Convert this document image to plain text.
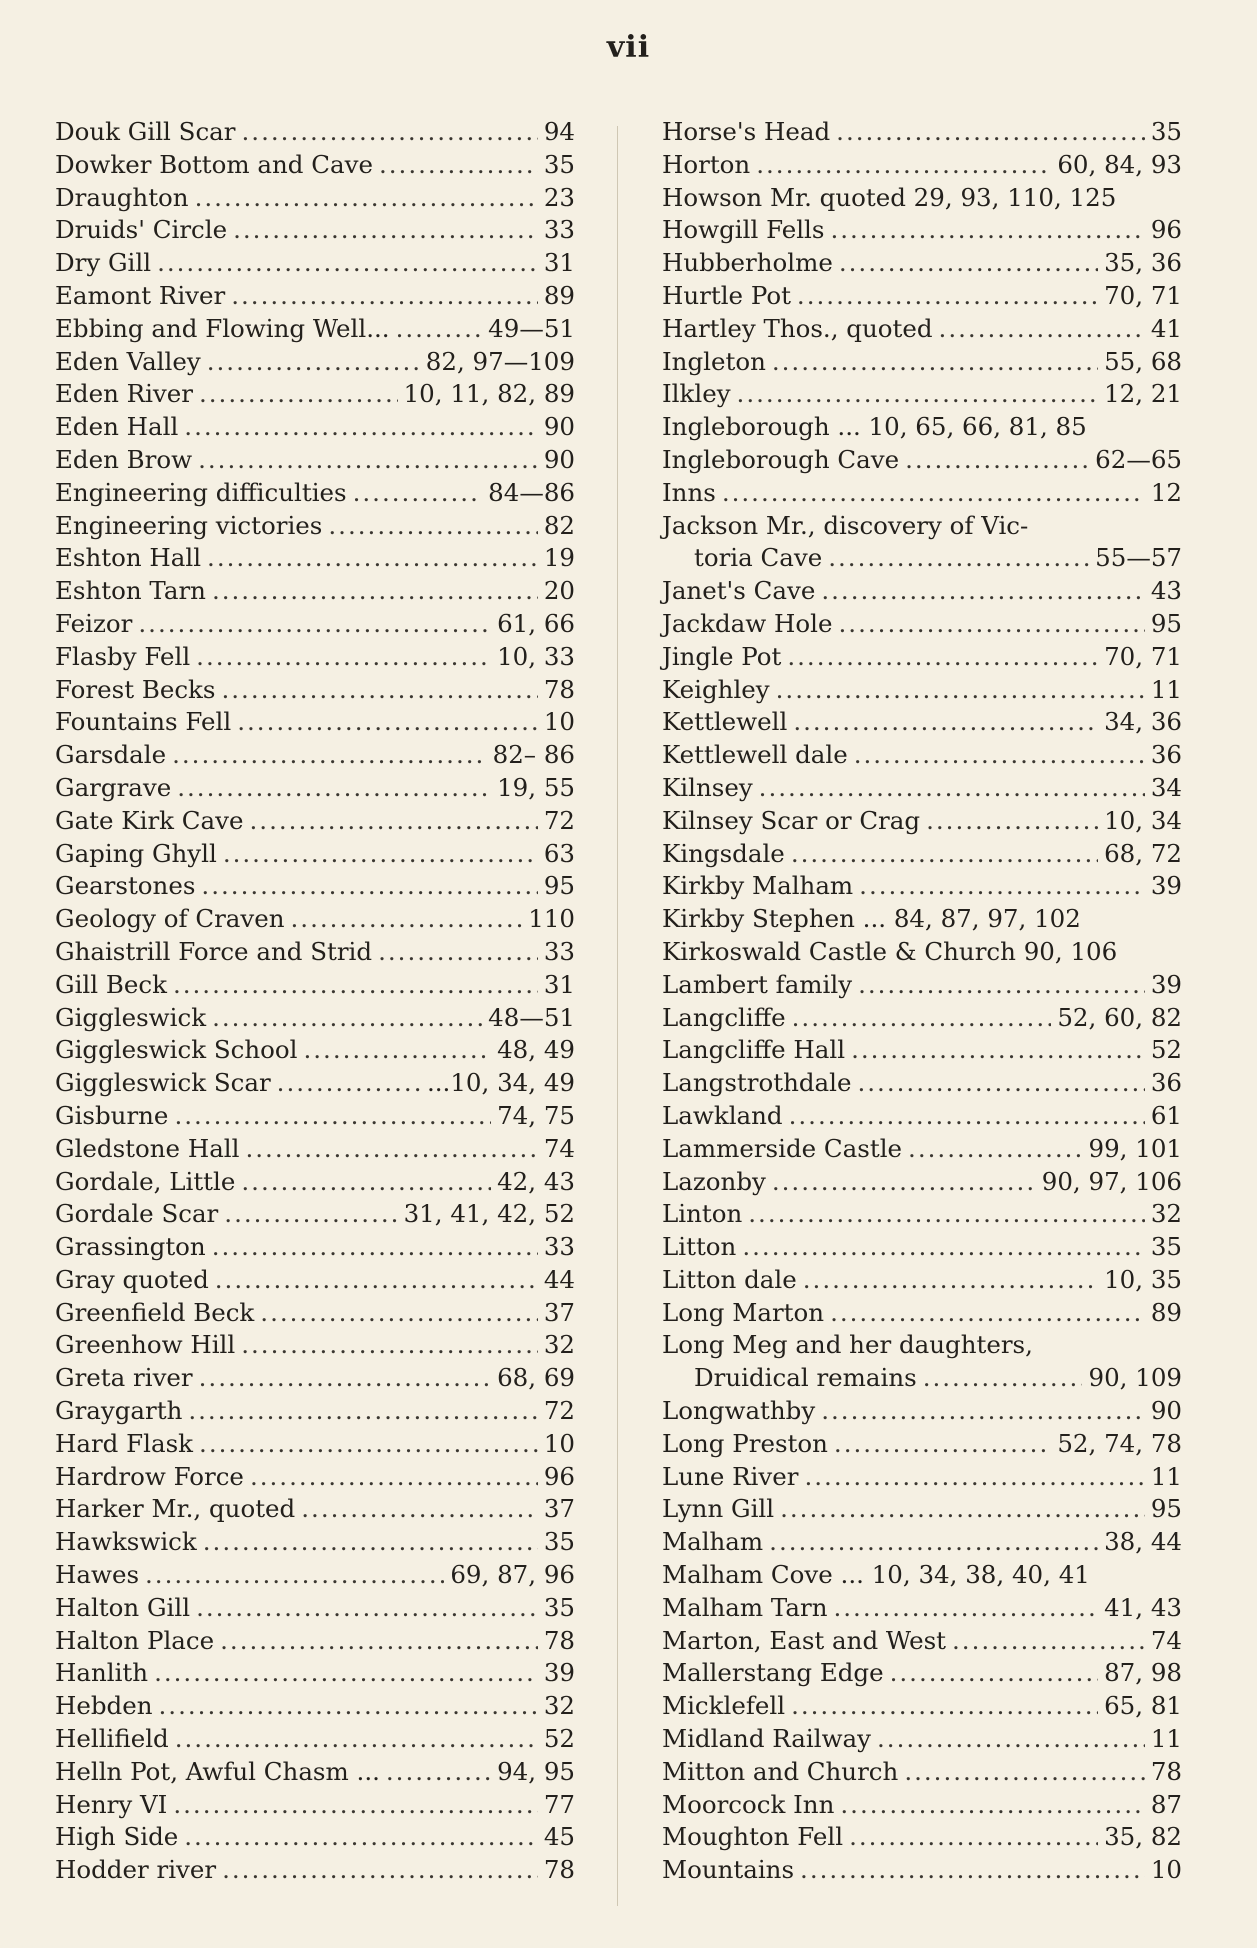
vii
Douk Gill Scar .....	94
Dowker Bottom and Cave .....	35
Draughton .....	23
Druids' Circle .....	33
Dry Gill .....	31
Eamont River .....	89
Ebbing and Flowing Well... .....	49—51
Eden Valley .....	82, 97—109
Eden River .....	10, 11, 82, 89
Eden Hall .....	90
Eden Brow .....	90
Engineering difficulties .....	84—86
Engineering victories .....	82
Eshton Hall .....	19
Eshton Tarn .....	20
Feizor .....	61, 66
Flasby Fell .....	10, 33
Forest Becks .....	78
Fountains Fell .....	10
Garsdale .....	82– 86
Gargrave .....	19, 55
Gate Kirk Cave .....	72
Gaping Ghyll .....	63
Gearstones .....	95
Geology of Craven .....	110
Ghaistrill Force and Strid .....	33
Gill Beck .....	31
Giggleswick .....	48—51
Giggleswick School .....	48, 49
Giggleswick Scar .....	...10, 34, 49
Gisburne .....	74, 75
Gledstone Hall .....	74
Gordale, Little .....	42, 43
Gordale Scar .....	31, 41, 42, 52
Grassington .....	33
Gray quoted .....	44
Greenfield Beck .....	37
Greenhow Hill .....	32
Greta river .....	68, 69
Graygarth .....	72
Hard Flask .....	10
Hardrow Force .....	96
Harker Mr., quoted .....	37
Hawkswick .....	35
Hawes .....	69, 87, 96
Halton Gill .....	35
Halton Place .....	78
Hanlith .....	39
Hebden .....	32
Hellifield .....	52
Helln Pot, Awful Chasm ... .....	94, 95
Henry VI .....	77
High Side .....	45
Hodder river .....	78
Horse's Head .....	35
Horton .....	60, 84, 93
Howson Mr. quoted 29, 93, 110, 125
Howgill Fells .....	96
Hubberholme .....	35, 36
Hurtle Pot .....	70, 71
Hartley Thos., quoted .....	41
Ingleton .....	55, 68
Ilkley .....	12, 21
Ingleborough ... 10, 65, 66, 81, 85
Ingleborough Cave .....	62—65
Inns .....	12
Jackson Mr., discovery of Vic-
toria Cave .....	55—57
Janet's Cave .....	43
Jackdaw Hole .....	95
Jingle Pot .....	70, 71
Keighley .....	11
Kettlewell .....	34, 36
Kettlewell dale .....	36
Kilnsey .....	34
Kilnsey Scar or Crag .....	10, 34
Kingsdale .....	68, 72
Kirkby Malham .....	39
Kirkby Stephen ... 84, 87, 97, 102
Kirkoswald Castle & Church 90, 106
Lambert family .....	39
Langcliffe .....	52, 60, 82
Langcliffe Hall .....	52
Langstrothdale .....	36
Lawkland .....	61
Lammerside Castle .....	99, 101
Lazonby .....	90, 97, 106
Linton .....	32
Litton .....	35
Litton dale .....	10, 35
Long Marton .....	89
Long Meg and her daughters,
Druidical remains .....	90, 109
Longwathby .....	90
Long Preston .....	52, 74, 78
Lune River .....	11
Lynn Gill .....	95
Malham .....	38, 44
Malham Cove ... 10, 34, 38, 40, 41
Malham Tarn .....	41, 43
Marton, East and West .....	74
Mallerstang Edge .....	87, 98
Micklefell .....	65, 81
Midland Railway .....	11
Mitton and Church .....	78
Moorcock Inn .....	87
Moughton Fell .....	35, 82
Mountains .....	10
